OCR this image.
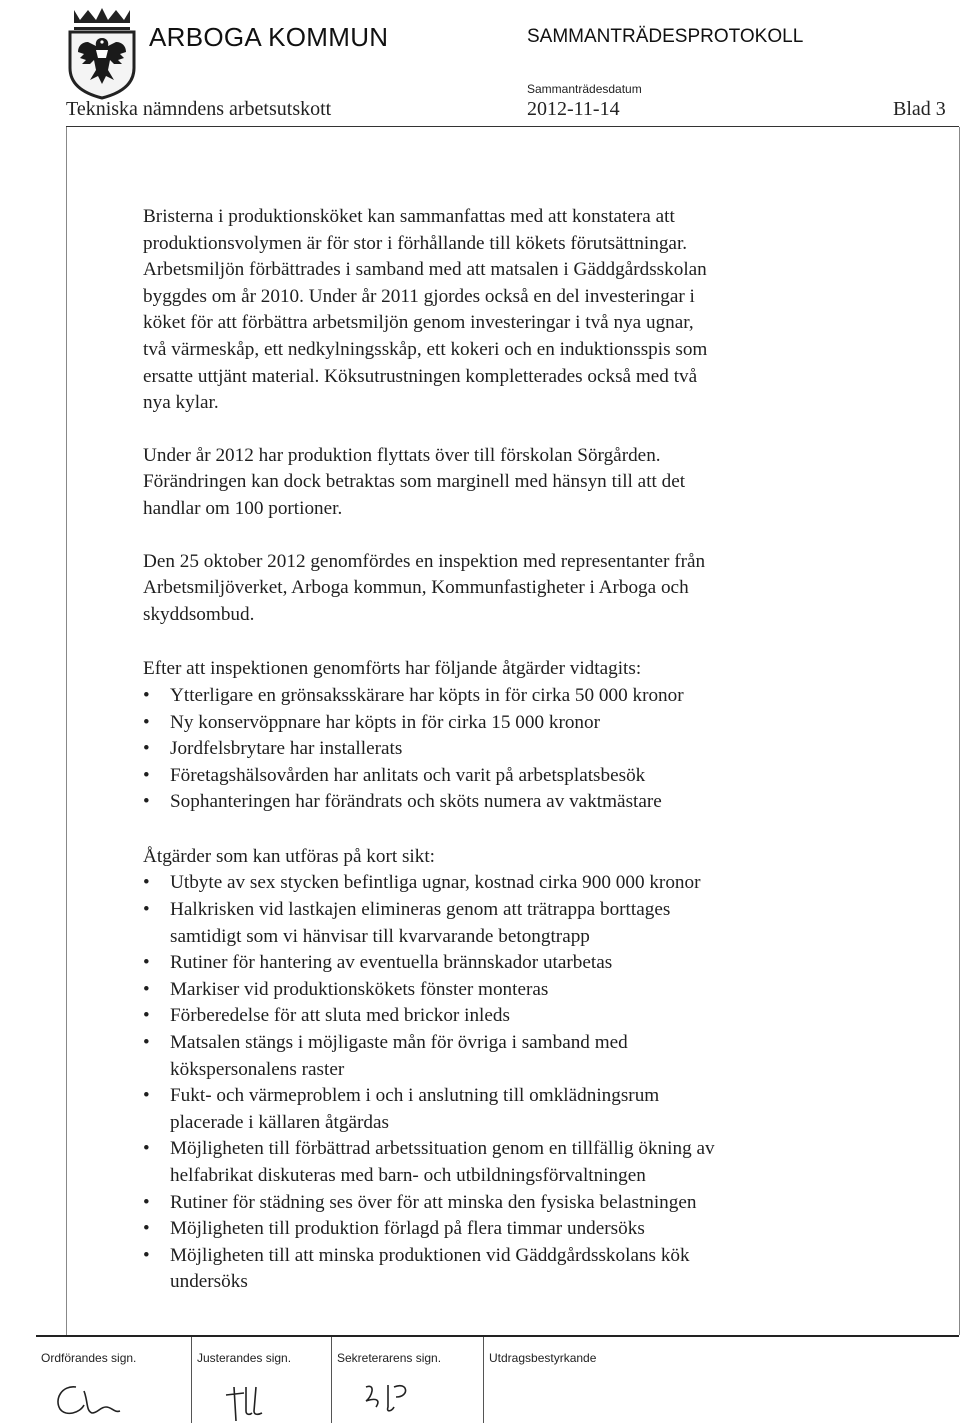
ARBOGA KOMMUN	SAMMANTRÄDESPROTOKOLL
Tekniska nämndens arbetsutskott
Sammanträdesdatum
2012-11-14	Blad 3

Bristerna i produktionsköket kan sammanfattas med att konstatera att
produktionsvolymen är för stor i förhållande till kökets förutsättningar.
Arbetsmiljön förbättrades i samband med att matsalen i Gäddgårdsskolan
byggdes om år 2010. Under år 2011 gjordes också en del investeringar i
köket för att förbättra arbetsmiljön genom investeringar i två nya ugnar,
två värmeskåp, ett nedkylningsskåp, ett kokeri och en induktionsspis som
ersatte uttjänt material. Köksutrustningen kompletterades också med två
nya kylar.

Under år 2012 har produktion flyttats över till förskolan Sörgården.
Förändringen kan dock betraktas som marginell med hänsyn till att det
handlar om 100 portioner.

Den 25 oktober 2012 genomfördes en inspektion med representanter från
Arbetsmiljöverket, Arboga kommun, Kommunfastigheter i Arboga och
skyddsombud.

Efter att inspektionen genomförts har följande åtgärder vidtagits:

• Ytterligare en grönsaksskärare har köpts in för cirka 50 000 kronor
• Ny konservöppnare har köpts in för cirka 15 000 kronor
• Jordfelsbrytare har installerats
• Företagshälsovården har anlitats och varit på arbetsplatsbesök
• Sophanteringen har förändrats och sköts numera av vaktmästare

Åtgärder som kan utföras på kort sikt:

• Utbyte av sex stycken befintliga ugnar, kostnad cirka 900 000 kronor
• Halkrisken vid lastkajen elimineras genom att trätrappa borttages
samtidigt som vi hänvisar till kvarvarande betongtrapp
• Rutiner för hantering av eventuella brännskador utarbetas
• Markiser vid produktionskökets fönster monteras
• Förberedelse för att sluta med brickor inleds
• Matsalen stängs i möjligaste mån för övriga i samband med
kökspersonalens raster
• Fukt- och värmeproblem i och i anslutning till omklädningsrum
placerade i källaren åtgärdas
• Möjligheten till förbättrad arbetssituation genom en tillfällig ökning av
helfabrikat diskuteras med barn- och utbildningsförvaltningen
• Rutiner för städning ses över för att minska den fysiska belastningen
• Möjligheten till produktion förlagd på flera timmar undersöks
• Möjligheten till att minska produktionen vid Gäddgårdsskolans kök
undersöks
Ordförandes sign.	Justerandes sign.	Sekreterarens sign.	Utdragsbestyrkande
